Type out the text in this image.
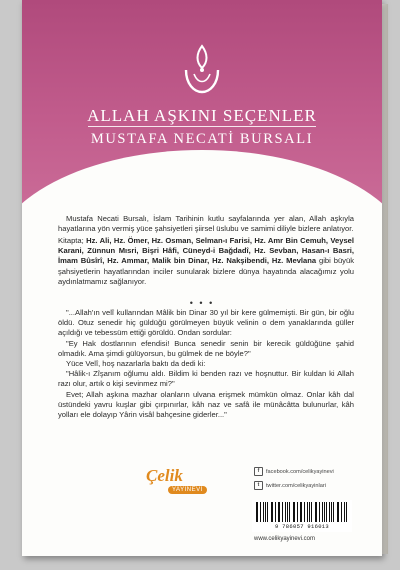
ALLAH AŞKINI SEÇENLER
MUSTAFA NECATİ BURSALI
Mustafa Necati Bursalı, İslam Tarihinin kutlu sayfalarında yer alan, Allah aşkıyla hayatlarına yön vermiş yüce şahsiyetleri şiirsel üslubu ve samimi diliyle bizlere anlatıyor.
Kitapta; Hz. Ali, Hz. Ömer, Hz. Osman, Selman-ı Farisi, Hz. Amr Bin Cemuh, Veysel Karani, Zünnun Mısri, Bişri Hâfi, Cüneyd-i Bağdadî, Hz. Sevban, Hasan-ı Basri, İmam Bûsîrî, Hz. Ammar, Malik bin Dinar, Hz. Nakşibendi, Hz. Mevlana gibi büyük şahsiyetlerin hayatlarından inciler sunularak bizlere dünya hayatında alacağımız yolu aydınlatmamız sağlanıyor.
• • •
"...Allah'ın velî kullarından Mâlik bin Dinar 30 yıl bir kere gülmemişti. Bir gün, bir oğlu öldü. Otuz senedir hiç güldüğü görülmeyen büyük velinin o dem yanaklarında güller açıldığı ve tebessüm ettiği görüldü. Ondan sordular:
"Ey Hak dostlarının efendisi! Bunca senedir senin bir kerecik güldüğüne şahid olmadık. Ama şimdi gülüyorsun, bu gülmek de ne böyle?"
Yüce Velî, hoş nazarlarla baktı da dedi ki:
"Hâlik-ı Zîşanım oğlumu aldı. Bildim ki benden razı ve hoşnuttur. Bir kuldan ki Allah razı olur, artık o kişi sevinmez mi?"
Evet; Allah aşkına mazhar olanların ulvana erişmek mümkün olmaz. Onlar kâh dal üstündeki yavru kuşlar gibi çırpınırlar, kâh naz ve safâ ile münâcâtta bulunurlar, kâh yolları ele dolayıp Yârin visâl bahçesine giderler..."
Çelik
YAYINEVİ
f	facebook.com/celikyayinevi
t	twitter.com/celikyayinlari
9 786057 916013
www.celikyayinevi.com
